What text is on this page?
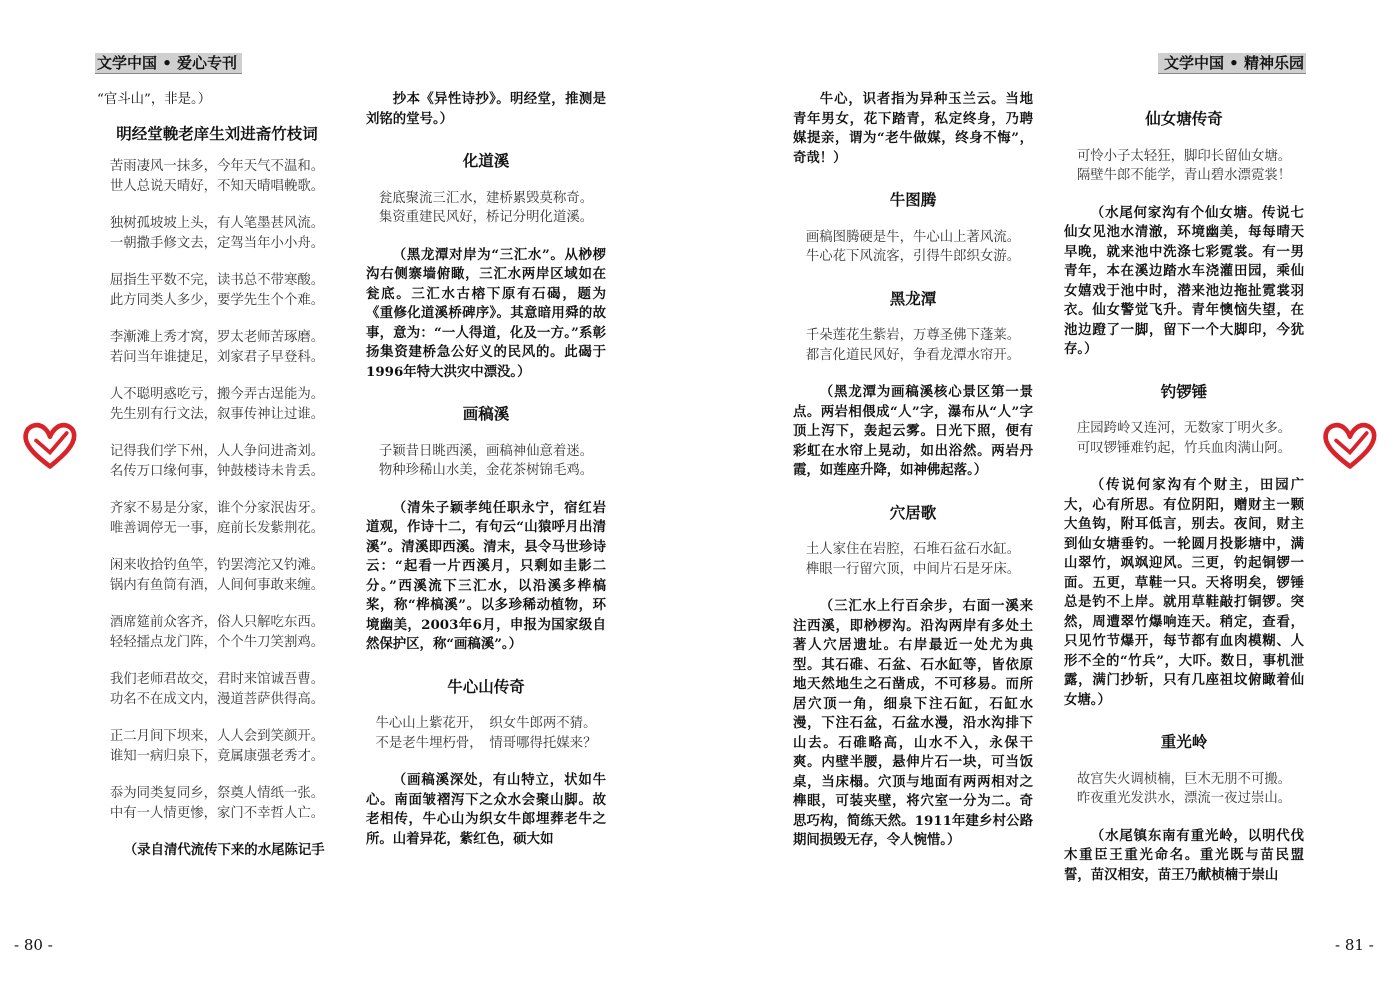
文学中国 • 爱心专刊	文学中国 • 精神乐园

“官斗山”，非是。）

明经堂輓老庠生刘进斋竹枝词
苦雨凄风一抹多，今年天气不温和。
世人总说天晴好，不知天晴唱輓歌。
独树孤坡坡上头，有人笔墨甚风流。
一朝撒手修文去，定驾当年小小舟。
屈指生平数不完，读书总不带寒酸。
此方同类人多少，要学先生个个难。
李漸滩上秀才窝，罗太老师苦琢磨。
若问当年谁捷足，刘家君子早登科。
人不聪明惑吃亏，搬今弄古逞能为。
先生别有行文法，叙事传神让过谁。
记得我们学下州，人人争问进斋刘。
名传万口缘何事，钟鼓楼诗未肯丢。
齐家不易是分家，谁个分家泯齿牙。
唯善调停无一事，庭前长发紫荆花。
闲来收拾钓鱼竿，钓罢湾沱又钓滩。
锅内有鱼筒有酒，人间何事敢来缠。
酒席筵前众客齐，俗人只解吃东西。
轻轻擂点龙门阵，个个牛刀笑割鸡。
我们老师君故交，君时来馆诚吾曹。
功名不在成文内，漫道菩萨供得高。
正二月间下坝来，人人会到笑颜开。
谁知一病归泉下，竟属康强老秀才。
忝为同类复同乡，祭奠人情纸一张。
中有一人情更惨，家门不幸哲人亡。

（录自清代流传下来的水尾陈记手

抄本《异性诗抄》。明经堂，推测是刘铭的堂号。）

化道溪
瓮底聚流三汇水，建桥累毁莫称奇。
集资重建民风好，桥记分明化道溪。

（黑龙潭对岸为“三汇水”。从桫椤沟右侧寨墙俯瞰，三汇水两岸区域如在瓮底。三汇水古榕下原有石碣，题为《重修化道溪桥碑序》。其意暗用舜的故事，意为：“一人得道，化及一方。”系彰扬集资建桥急公好义的民风的。此碣于1996年特大洪灾中漂没。）

画稿溪
子颖昔日眺西溪，画稿神仙意着迷。
物种珍稀山水美，金花茶树锦毛鸡。

（清朱子颖孝纯任职永宁，宿红岩道观，作诗十二，有句云“山猿呼月出清溪”。清溪即西溪。清末，县令马世珍诗云：“起看一片西溪月，只剩如圭影二分。”西溪流下三汇水，以沿溪多桦槁桨，称“桦槁溪”。以多珍稀动植物，环境幽美，2003年6月，申报为国家级自然保护区，称“画稿溪”。）

牛心山传奇
牛心山上紫花开，　织女牛郎两不猜。
不是老牛埋朽骨，　情哥哪得托媒来？

（画稿溪深处，有山特立，状如牛心。南面皱褶泻下之众水会聚山脚。故老相传，牛心山为织女牛郎埋葬老牛之所。山着异花，紫红色，硕大如

牛心，识者指为异种玉兰云。当地青年男女，花下踏青，私定终身，乃聘媒提亲，谓为“老牛做媒，终身不悔”，奇哉！）

牛图腾
画稿图腾硬是牛，牛心山上著风流。
牛心花下风流客，引得牛郎织女游。
黑龙潭
千朵莲花生紫岩，万尊圣佛下蓬莱。
都言化道民风好，争看龙潭水帘开。

（黑龙潭为画稿溪核心景区第一景点。两岩相偎成“人”字，瀑布从“人”字顶上泻下，轰起云雾。日光下照，便有彩虹在水帘上晃动，如出浴然。两岩丹霞，如莲座升降，如神佛起落。）

穴居歌
土人家住在岩腔，石堆石盆石水缸。
榫眼一行留穴顶，中间片石是牙床。

（三汇水上行百余步，右面一溪来注西溪，即桫椤沟。沿沟两岸有多处土著人穴居遗址。右岸最近一处尤为典型。其石碓、石盆、石水缸等，皆依原地天然地生之石凿成，不可移易。而所居穴顶一角，细泉下注石缸，石缸水漫，下注石盆，石盆水漫，沿水沟排下山去。石碓略高，山水不入，永保干爽。内壁半腰，悬伸片石一块，可当饭桌，当床榻。穴顶与地面有两两相对之榫眼，可装夹壁，将穴室一分为二。奇思巧构，简练天然。1911年建乡村公路期间损毁无存，令人惋惜。）

仙女塘传奇
可怜小子太轻狂，脚印长留仙女塘。
隔壁牛郎不能学，青山碧水漂霓裳！

（水尾何家沟有个仙女塘。传说七仙女见池水清澈，环境幽美，每每晴天早晚，就来池中洗涤七彩霓裳。有一男青年，本在溪边踏水车浇灌田园，乘仙女嬉戏于池中时，潜来池边拖扯霓裳羽衣。仙女警觉飞升。青年懊恼失望，在池边蹬了一脚，留下一个大脚印，今犹存。）

钓锣锤
庄园跨岭又连河，无数家丁明火多。
可叹锣锤难钓起，竹兵血肉满山阿。

（传说何家沟有个财主，田园广大，心有所思。有位阴阳，赠财主一颗大鱼钩，附耳低言，别去。夜间，财主到仙女塘垂钓。一轮圆月投影塘中，满山翠竹，飒飒迎风。三更，钓起铜锣一面。五更，草鞋一只。天将明矣，锣锤总是钓不上岸。就用草鞋敲打铜锣。突然，周遭翠竹爆响连天。稍定，查看，只见竹节爆开，每节都有血肉模糊、人形不全的“竹兵”，大吓。数日，事机泄露，满门抄斩，只有几座祖坟俯瞰着仙女塘。）

重光岭
故宫失火调桢楠，巨木无朋不可搬。
昨夜重光发洪水，漂流一夜过崇山。

（水尾镇东南有重光岭，以明代伐木重臣王重光命名。重光既与苗民盟誓，苗汉相安，苗王乃献桢楠于崇山

- 80 -	- 81 -
